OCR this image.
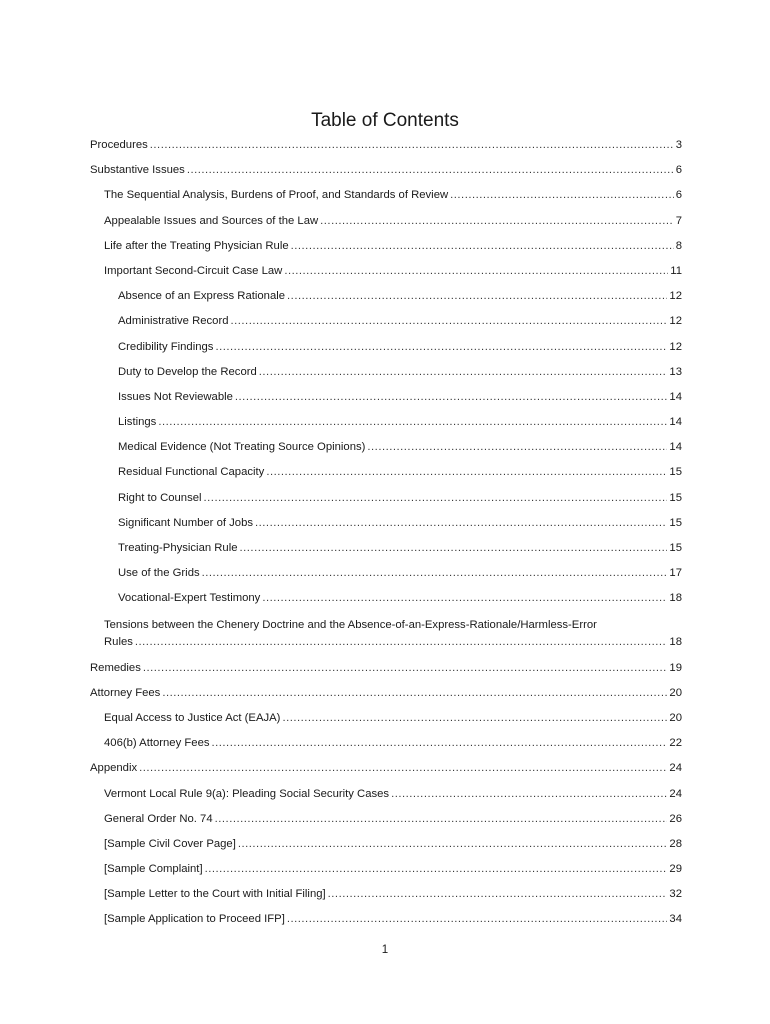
Table of Contents
Procedures .....	3
Substantive Issues .....	6
The Sequential Analysis, Burdens of Proof, and Standards of Review .....	6
Appealable Issues and Sources of the Law .....	7
Life after the Treating Physician Rule .....	8
Important Second-Circuit Case Law .....	11
Absence of an Express Rationale .....	12
Administrative Record .....	12
Credibility Findings .....	12
Duty to Develop the Record .....	13
Issues Not Reviewable .....	14
Listings .....	14
Medical Evidence (Not Treating Source Opinions) .....	14
Residual Functional Capacity .....	15
Right to Counsel .....	15
Significant Number of Jobs .....	15
Treating-Physician Rule .....	15
Use of the Grids .....	17
Vocational-Expert Testimony .....	18
Tensions between the Chenery Doctrine and the Absence-of-an-Express-Rationale/Harmless-Error
Rules .....	18
Remedies .....	19
Attorney Fees .....	20
Equal Access to Justice Act (EAJA) .....	20
406(b) Attorney Fees .....	22
Appendix .....	24
Vermont Local Rule 9(a): Pleading Social Security Cases .....	24
General Order No. 74 .....	26
[Sample Civil Cover Page] .....	28
[Sample Complaint] .....	29
[Sample Letter to the Court with Initial Filing] .....	32
[Sample Application to Proceed IFP] .....	34
1
